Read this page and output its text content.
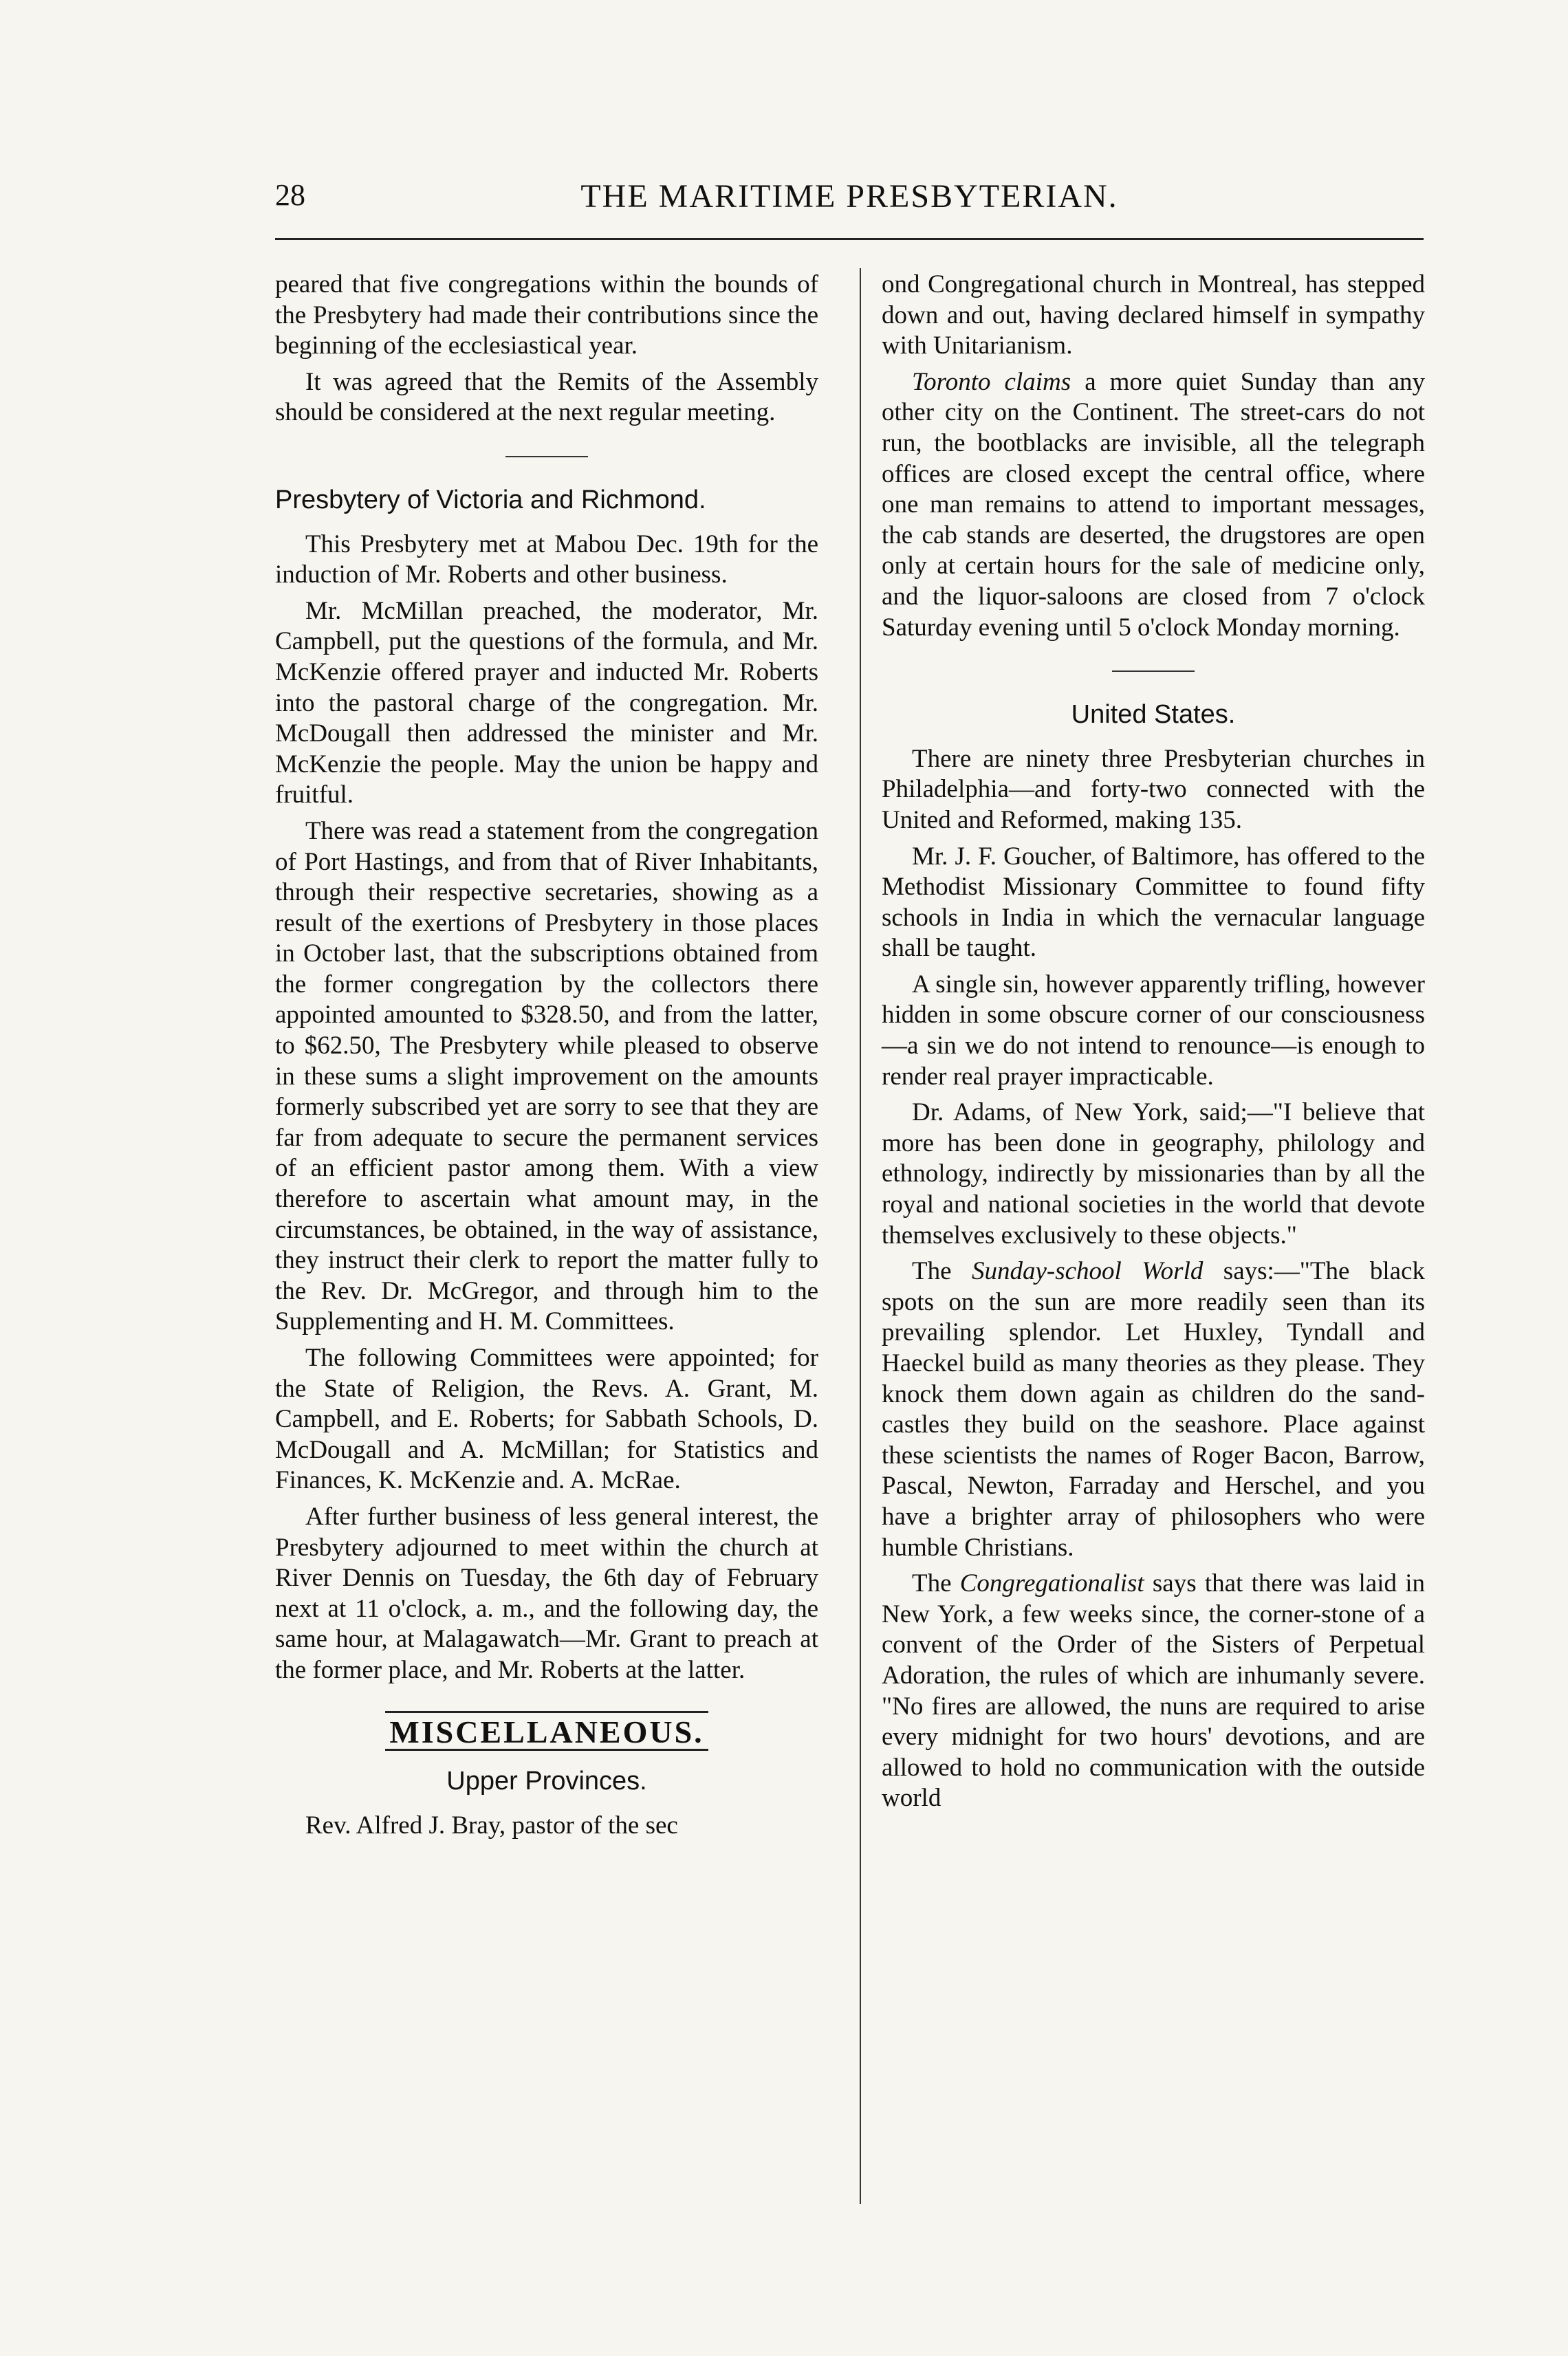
28	THE MARITIME PRESBYTERIAN.

peared that five congregations within the bounds of the Presbytery had made their contributions since the beginning of the ecclesiastical year.

It was agreed that the Remits of the Assembly should be considered at the next regular meeting.

Presbytery of Victoria and Richmond.

This Presbytery met at Mabou Dec. 19th for the induction of Mr. Roberts and other business.

Mr. McMillan preached, the moderator, Mr. Campbell, put the questions of the formula, and Mr. McKenzie offered prayer and inducted Mr. Roberts into the pastoral charge of the congregation. Mr. McDougall then addressed the minister and Mr. McKenzie the people. May the union be happy and fruitful.

There was read a statement from the congregation of Port Hastings, and from that of River Inhabitants, through their respective secretaries, showing as a result of the exertions of Presbytery in those places in October last, that the subscriptions obtained from the former congregation by the collectors there appointed amounted to $328.50, and from the latter, to $62.50, The Presbytery while pleased to observe in these sums a slight improvement on the amounts formerly subscribed yet are sorry to see that they are far from adequate to secure the permanent services of an efficient pastor among them. With a view therefore to ascertain what amount may, in the circumstances, be obtained, in the way of assistance, they instruct their clerk to report the matter fully to the Rev. Dr. McGregor, and through him to the Supplementing and H. M. Committees.

The following Committees were appointed; for the State of Religion, the Revs. A. Grant, M. Campbell, and E. Roberts; for Sabbath Schools, D. McDougall and A. McMillan; for Statistics and Finances, K. McKenzie and. A. McRae.

After further business of less general interest, the Presbytery adjourned to meet within the church at River Dennis on Tuesday, the 6th day of February next at 11 o'clock, a. m., and the following day, the same hour, at Malagawatch—Mr. Grant to preach at the former place, and Mr. Roberts at the latter.

MISCELLANEOUS.
Upper Provinces.

Rev. Alfred J. Bray, pastor of the sec

ond Congregational church in Montreal, has stepped down and out, having declared himself in sympathy with Unitarianism.

Toronto claims a more quiet Sunday than any other city on the Continent. The street-cars do not run, the bootblacks are invisible, all the telegraph offices are closed except the central office, where one man remains to attend to important messages, the cab stands are deserted, the drugstores are open only at certain hours for the sale of medicine only, and the liquor-saloons are closed from 7 o'clock Saturday evening until 5 o'clock Monday morning.

United States.

There are ninety three Presbyterian churches in Philadelphia—and forty-two connected with the United and Reformed, making 135.

Mr. J. F. Goucher, of Baltimore, has offered to the Methodist Missionary Committee to found fifty schools in India in which the vernacular language shall be taught.

A single sin, however apparently trifling, however hidden in some obscure corner of our consciousness—a sin we do not intend to renounce—is enough to render real prayer impracticable.

Dr. Adams, of New York, said;—"I believe that more has been done in geography, philology and ethnology, indirectly by missionaries than by all the royal and national societies in the world that devote themselves exclusively to these objects."

The Sunday-school World says:—"The black spots on the sun are more readily seen than its prevailing splendor. Let Huxley, Tyndall and Haeckel build as many theories as they please. They knock them down again as children do the sand-castles they build on the seashore. Place against these scientists the names of Roger Bacon, Barrow, Pascal, Newton, Farraday and Herschel, and you have a brighter array of philosophers who were humble Christians.

The Congregationalist says that there was laid in New York, a few weeks since, the corner-stone of a convent of the Order of the Sisters of Perpetual Adoration, the rules of which are inhumanly severe. "No fires are allowed, the nuns are required to arise every midnight for two hours' devotions, and are allowed to hold no communication with the outside world
